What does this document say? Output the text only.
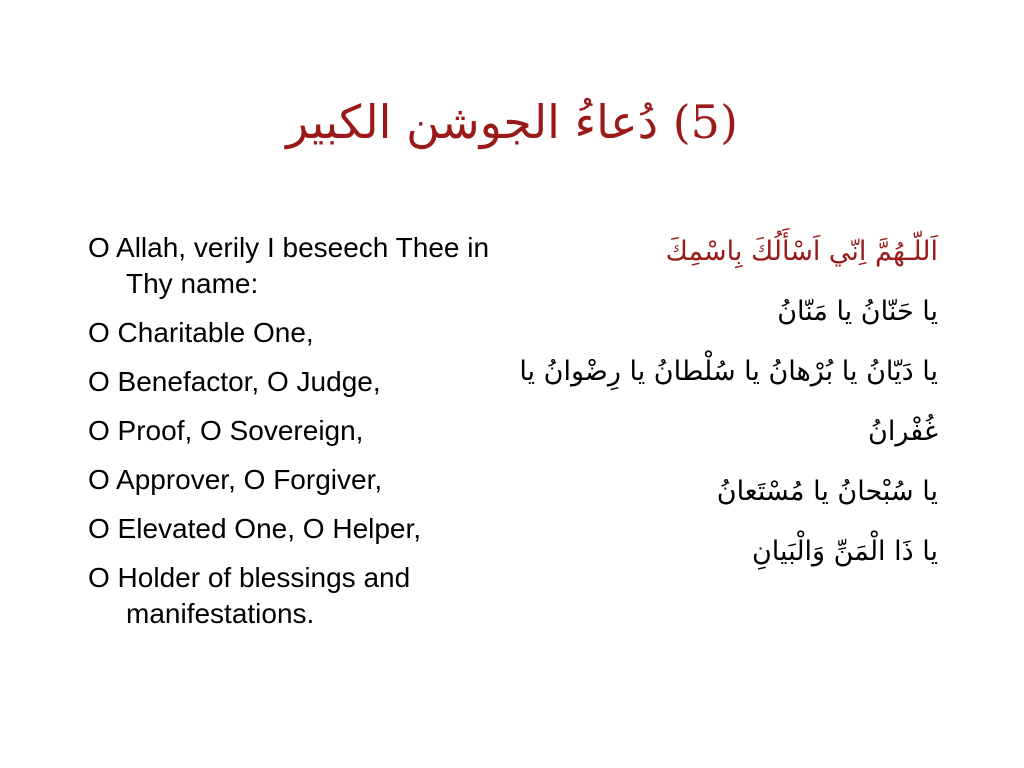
(5) دُعاءُ الجوشن الكبير
O Allah, verily I beseech Thee in Thy name:
O Charitable One,
O Benefactor, O Judge,
O Proof, O Sovereign,
O Approver, O Forgiver,
O Elevated One, O Helper,
O Holder of blessings and manifestations.
اَللّـهُمَّ اِنّي اَسْأَلُكَ بِاسْمِكَ
يا حَنّانُ يا مَنّانُ
يا دَيّانُ يا بُرْهانُ يا سُلْطانُ يا رِضْوانُ يا غُفْرانُ
يا سُبْحانُ يا مُسْتَعانُ
يا ذَا الْمَنِّ وَالْبَيانِ
